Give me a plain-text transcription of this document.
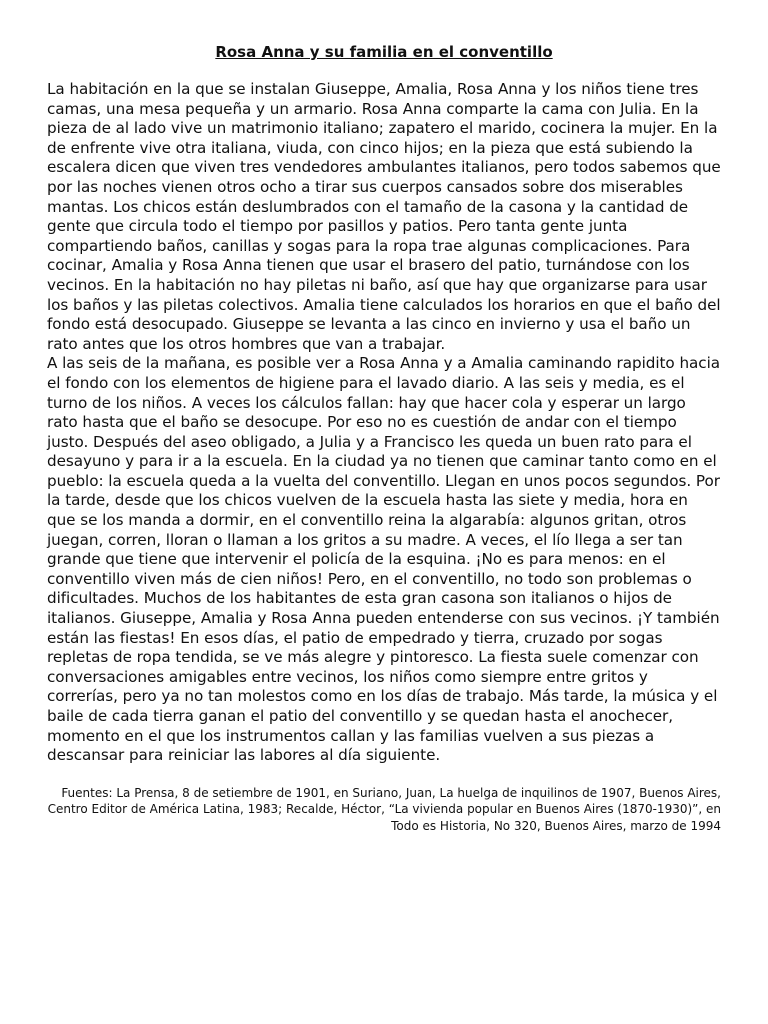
Rosa Anna y su familia en el conventillo

La habitación en la que se instalan Giuseppe, Amalia, Rosa Anna y los niños tiene tres camas, una mesa pequeña y un armario. Rosa Anna comparte la cama con Julia. En la pieza de al lado vive un matrimonio italiano; zapatero el marido, cocinera la mujer. En la de enfrente vive otra italiana, viuda, con cinco hijos; en la pieza que está subiendo la escalera dicen que viven tres vendedores ambulantes italianos, pero todos sabemos que por las noches vienen otros ocho a tirar sus cuerpos cansados sobre dos miserables mantas. Los chicos están deslumbrados con el tamaño de la casona y la cantidad de gente que circula todo el tiempo por pasillos y patios. Pero tanta gente junta compartiendo baños, canillas y sogas para la ropa trae algunas complicaciones. Para cocinar, Amalia y Rosa Anna tienen que usar el brasero del patio, turnándose con los vecinos. En la habitación no hay piletas ni baño, así que hay que organizarse para usar los baños y las piletas colectivos. Amalia tiene calculados los horarios en que el baño del fondo está desocupado. Giuseppe se levanta a las cinco en invierno y usa el baño un rato antes que los otros hombres que van a trabajar.

A las seis de la mañana, es posible ver a Rosa Anna y a Amalia caminando rapidito hacia el fondo con los elementos de higiene para el lavado diario. A las seis y media, es el turno de los niños. A veces los cálculos fallan: hay que hacer cola y esperar un largo rato hasta que el baño se desocupe. Por eso no es cuestión de andar con el tiempo justo. Después del aseo obligado, a Julia y a Francisco les queda un buen rato para el desayuno y para ir a la escuela. En la ciudad ya no tienen que caminar tanto como en el pueblo: la escuela queda a la vuelta del conventillo. Llegan en unos pocos segundos. Por la tarde, desde que los chicos vuelven de la escuela hasta las siete y media, hora en que se los manda a dormir, en el conventillo reina la algarabía: algunos gritan, otros juegan, corren, lloran o llaman a los gritos a su madre. A veces, el lío llega a ser tan grande que tiene que intervenir el policía de la esquina. ¡No es para menos: en el conventillo viven más de cien niños! Pero, en el conventillo, no todo son problemas o dificultades. Muchos de los habitantes de esta gran casona son italianos o hijos de italianos. Giuseppe, Amalia y Rosa Anna pueden entenderse con sus vecinos. ¡Y también están las fiestas! En esos días, el patio de empedrado y tierra, cruzado por sogas repletas de ropa tendida, se ve más alegre y pintoresco. La fiesta suele comenzar con conversaciones amigables entre vecinos, los niños como siempre entre gritos y correrías, pero ya no tan molestos como en los días de trabajo. Más tarde, la música y el baile de cada tierra ganan el patio del conventillo y se quedan hasta el anochecer, momento en el que los instrumentos callan y las familias vuelven a sus piezas a descansar para reiniciar las labores al día siguiente.

Fuentes: La Prensa, 8 de setiembre de 1901, en Suriano, Juan, La huelga de inquilinos de 1907, Buenos Aires, Centro Editor de América Latina, 1983; Recalde, Héctor, “La vivienda popular en Buenos Aires (1870-1930)”, en Todo es Historia, No 320, Buenos Aires, marzo de 1994
